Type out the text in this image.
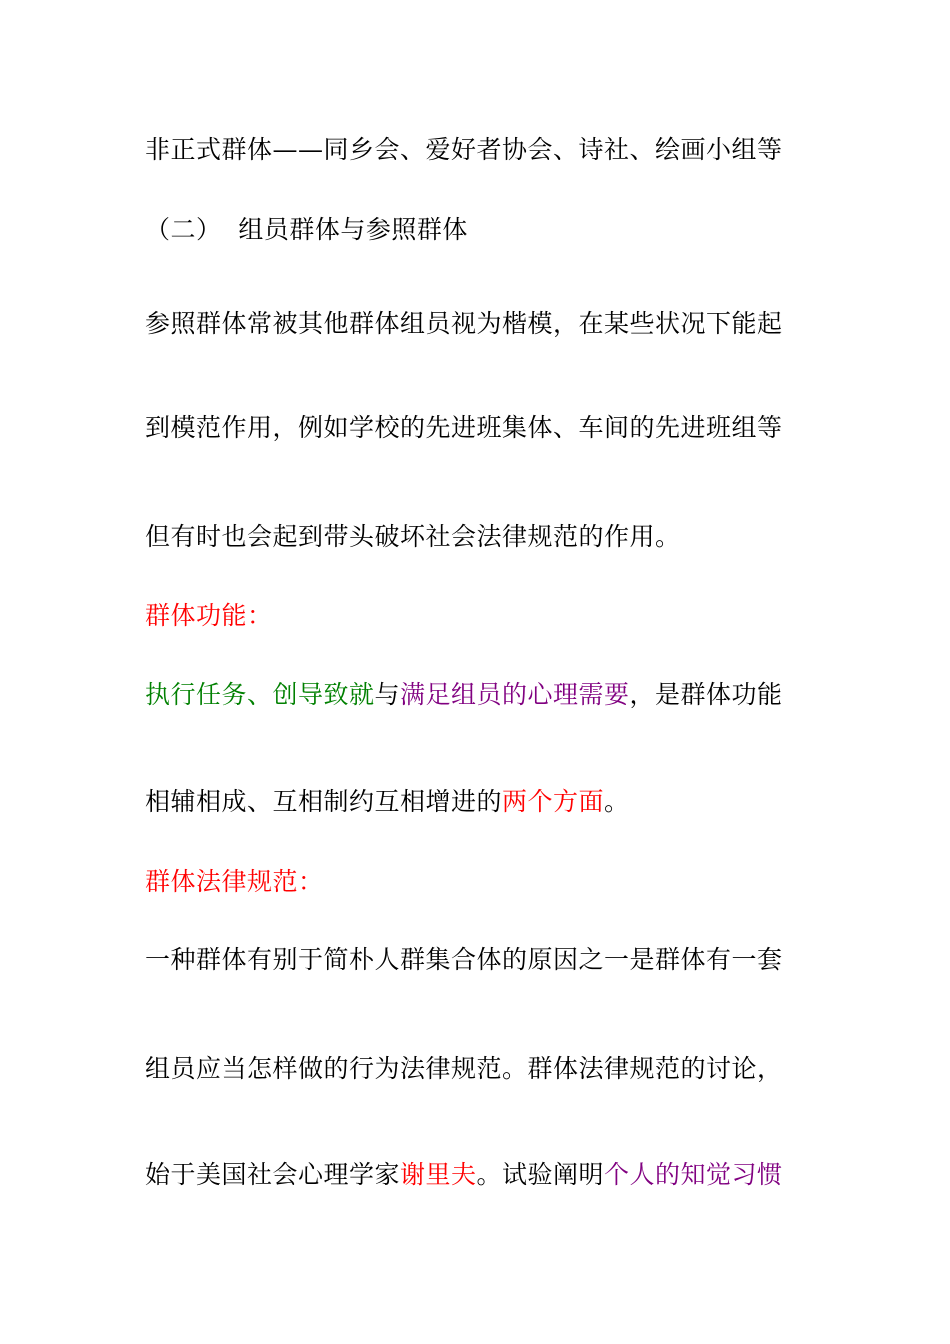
非正式群体——同乡会、爱好者协会、诗社、绘画小组等
（二）  组员群体与参照群体
参照群体常被其他群体组员视为楷模，在某些状况下能起
到模范作用，例如学校的先进班集体、车间的先进班组等
但有时也会起到带头破坏社会法律规范的作用。
群体功能：
执行任务、创导致就与满足组员的心理需要，是群体功能
相辅相成、互相制约互相增进的两个方面。
群体法律规范：
一种群体有别于简朴人群集合体的原因之一是群体有一套
组员应当怎样做的行为法律规范。群体法律规范的讨论，
始于美国社会心理学家谢里夫。试验阐明个人的知觉习惯
